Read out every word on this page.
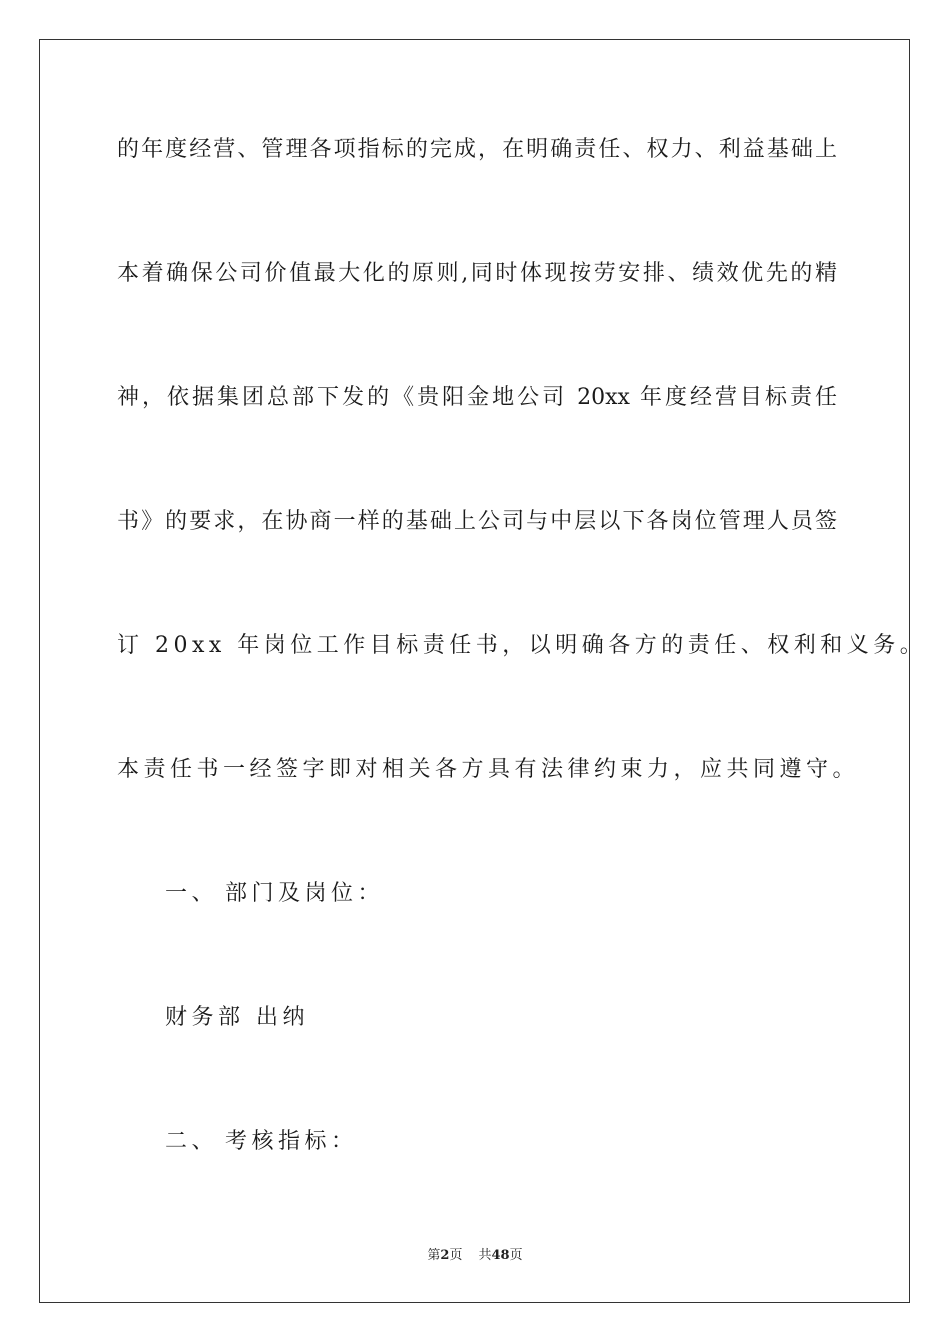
的年度经营、管理各项指标的完成，在明确责任、权力、利益基础上
本着确保公司价值最大化的原则,同时体现按劳安排、绩效优先的精
神，依据集团总部下发的《贵阳金地公司 20xx 年度经营目标责任
书》的要求，在协商一样的基础上公司与中层以下各岗位管理人员签
订 20xx 年岗位工作目标责任书，以明确各方的责任、权利和义务。
本责任书一经签字即对相关各方具有法律约束力，应共同遵守。
一、 部门及岗位：
财务部 出纳
二、 考核指标：
第2页 共48页
